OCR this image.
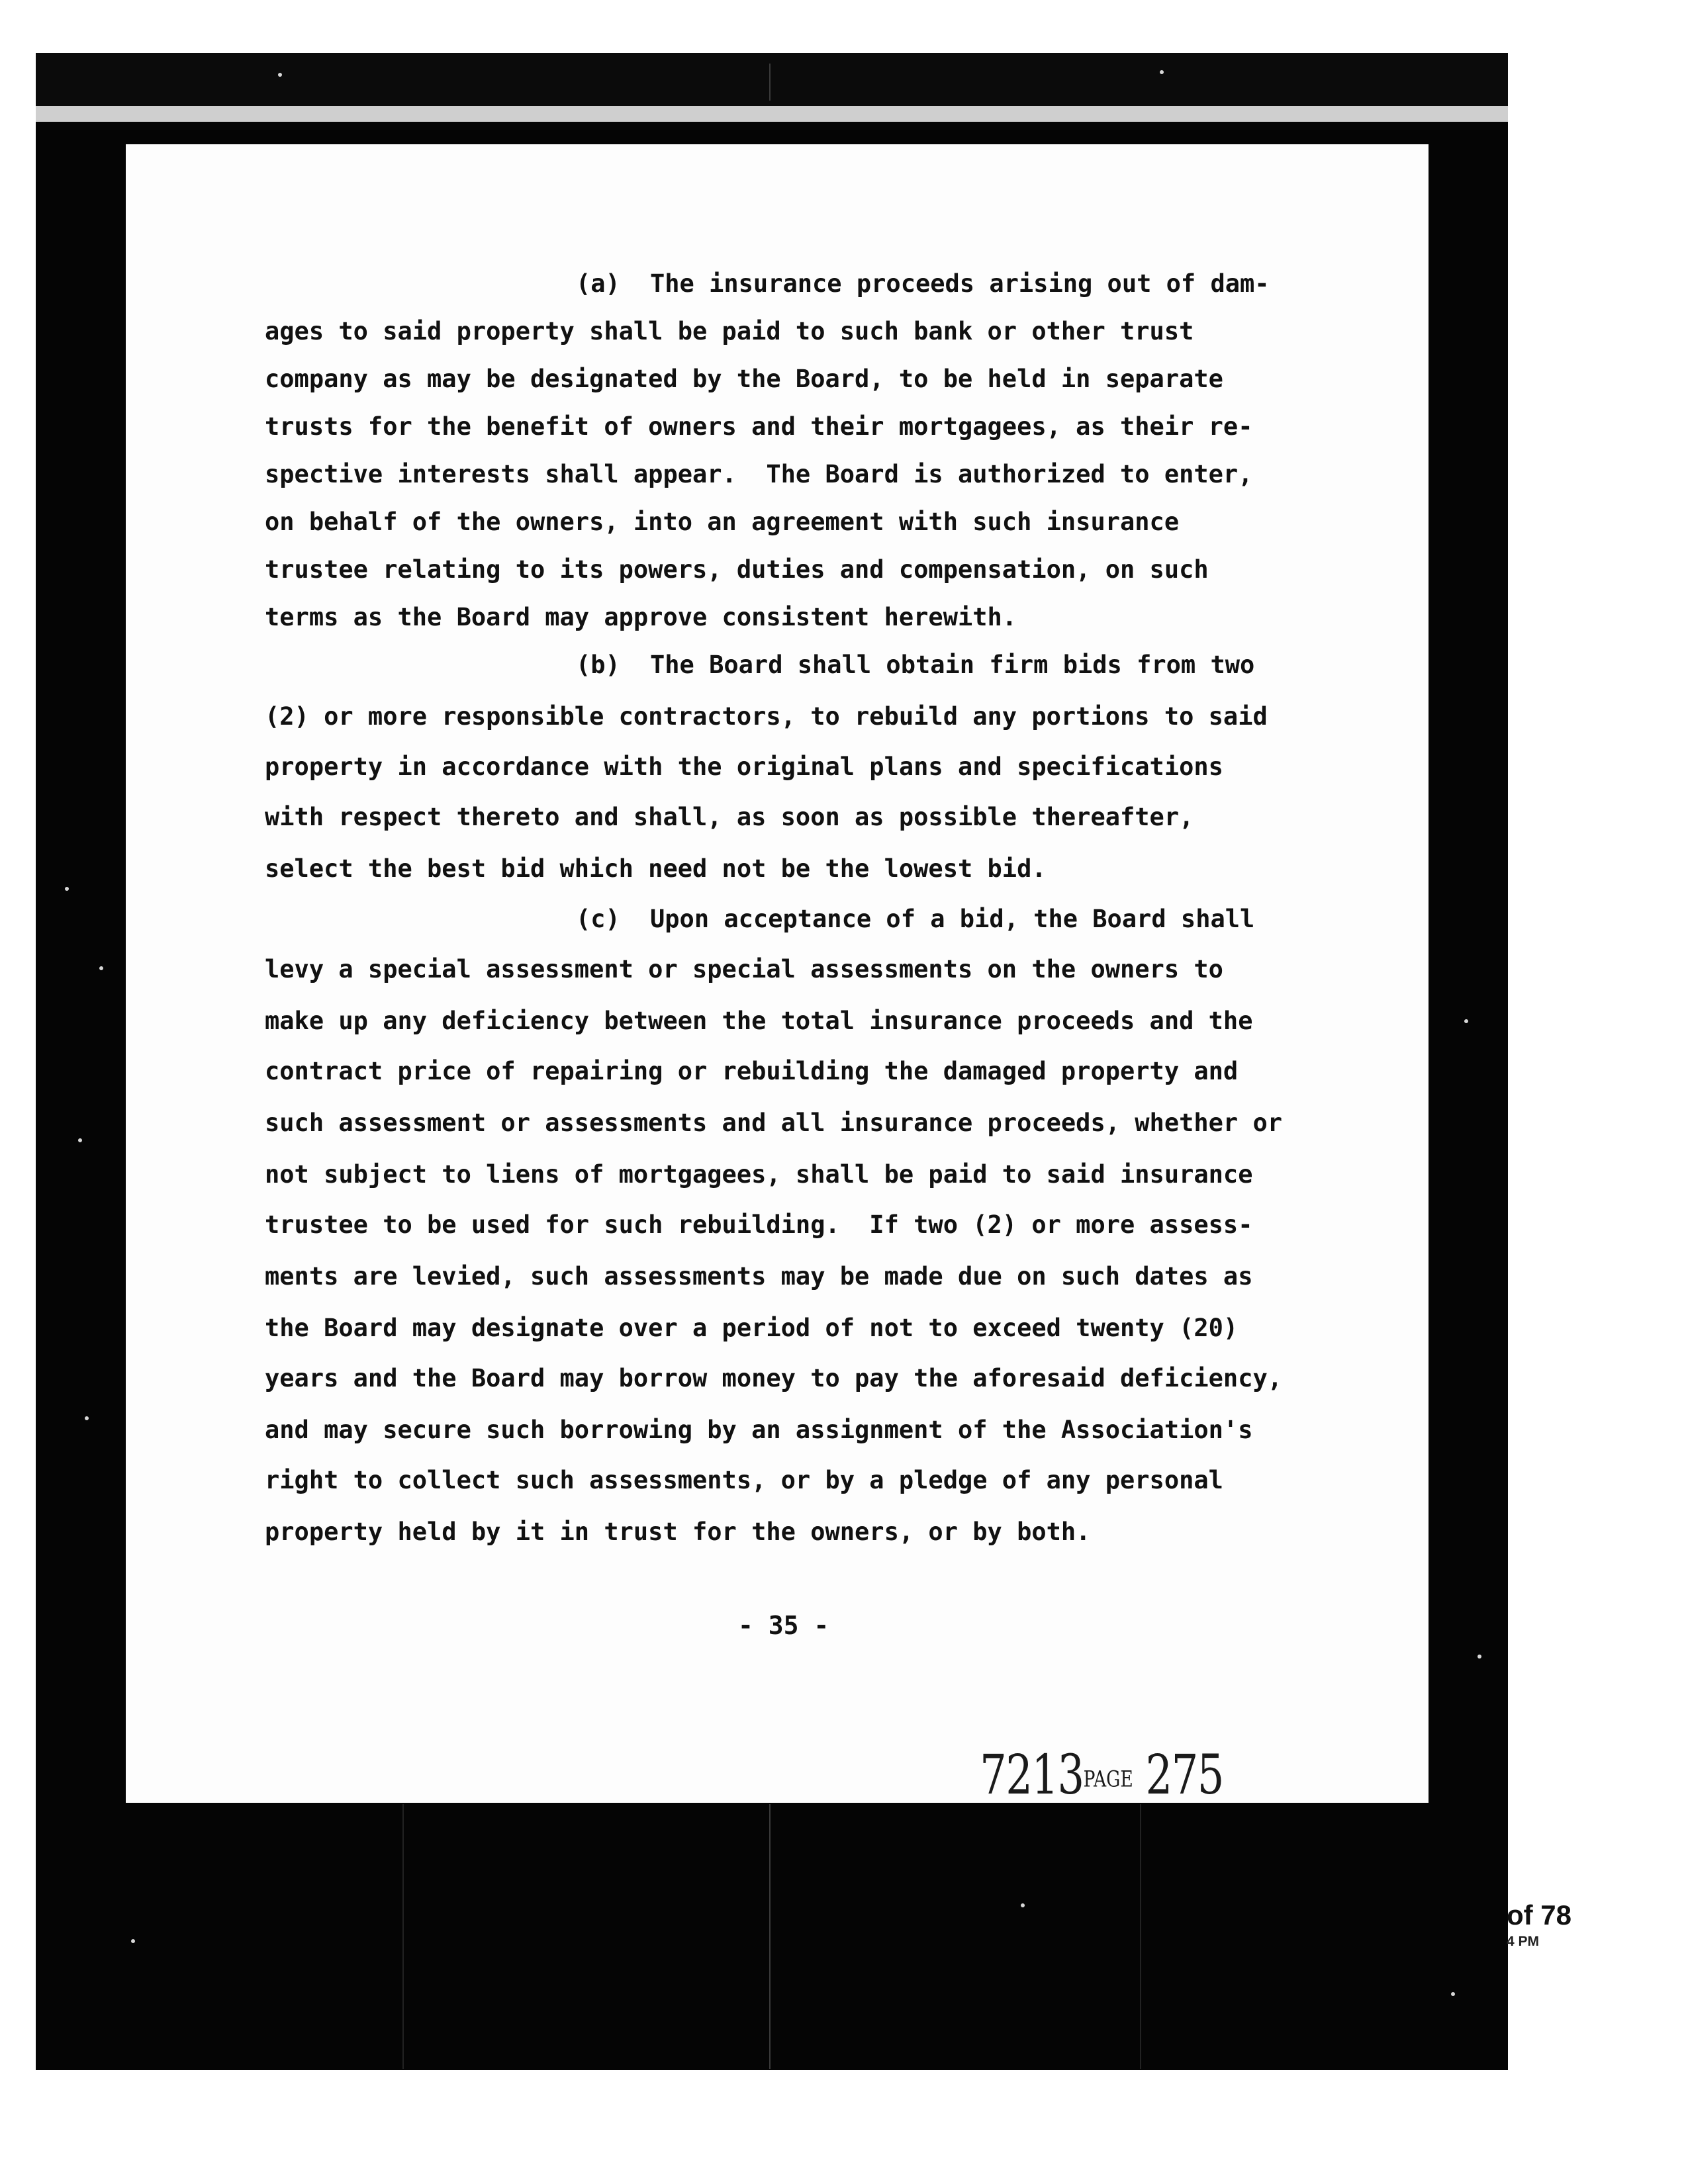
(a) The insurance proceeds arising out of dam-
ages to said property shall be paid to such bank or other trust
company as may be designated by the Board, to be held in separate
trusts for the benefit of owners and their mortgagees, as their re-
spective interests shall appear.  The Board is authorized to enter,
on behalf of the owners, into an agreement with such insurance
trustee relating to its powers, duties and compensation, on such
terms as the Board may approve consistent herewith.
(b) The Board shall obtain firm bids from two
(2) or more responsible contractors, to rebuild any portions to said
property in accordance with the original plans and specifications
with respect thereto and shall, as soon as possible thereafter,
select the best bid which need not be the lowest bid.
(c) Upon acceptance of a bid, the Board shall
levy a special assessment or special assessments on the owners to
make up any deficiency between the total insurance proceeds and the
contract price of repairing or rebuilding the damaged property and
such assessment or assessments and all insurance proceeds, whether or
not subject to liens of mortgagees, shall be paid to said insurance
trustee to be used for such rebuilding.  If two (2) or more assess-
ments are levied, such assessments may be made due on such dates as
the Board may designate over a period of not to exceed twenty (20)
years and the Board may borrow money to pay the aforesaid deficiency,
and may secure such borrowing by an assignment of the Association's
right to collect such assessments, or by a pledge of any personal
property held by it in trust for the owners, or by both.
- 35 -

7213PAGE 275

of 78
4 PM
